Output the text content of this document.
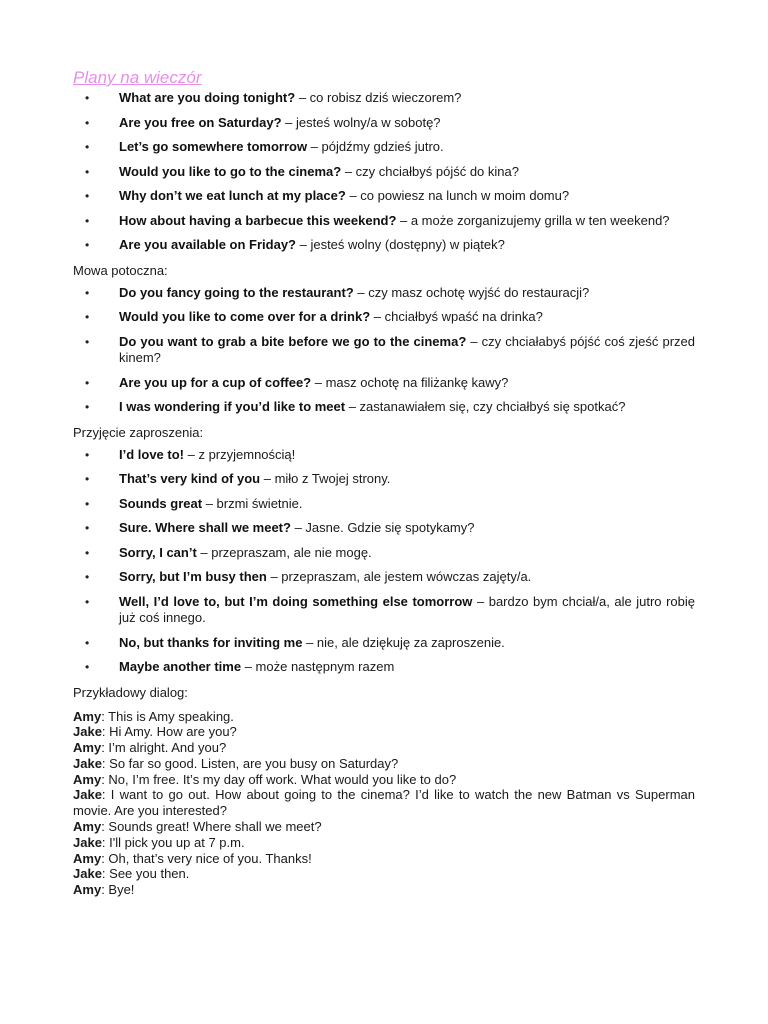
Plany na wieczór
• What are you doing tonight? – co robisz dziś wieczorem?
• Are you free on Saturday? – jesteś wolny/a w sobotę?
• Let’s go somewhere tomorrow – pójdźmy gdzieś jutro.
• Would you like to go to the cinema? – czy chciałbyś pójść do kina?
• Why don’t we eat lunch at my place? – co powiesz na lunch w moim domu?
• How about having a barbecue this weekend? – a może zorganizujemy grilla w ten weekend?
• Are you available on Friday? – jesteś wolny (dostępny) w piątek?
Mowa potoczna:
• Do you fancy going to the restaurant? – czy masz ochotę wyjść do restauracji?
• Would you like to come over for a drink? – chciałbyś wpaść na drinka?
• Do you want to grab a bite before we go to the cinema? – czy chciałabyś pójść coś zjeść przed kinem?
• Are you up for a cup of coffee? – masz ochotę na filiżankę kawy?
• I was wondering if you’d like to meet – zastanawiałem się, czy chciałbyś się spotkać?
Przyjęcie zaproszenia:
• I’d love to! – z przyjemnością!
• That’s very kind of you – miło z Twojej strony.
• Sounds great – brzmi świetnie.
• Sure. Where shall we meet? – Jasne. Gdzie się spotykamy?
• Sorry, I can’t – przepraszam, ale nie mogę.
• Sorry, but I’m busy then – przepraszam, ale jestem wówczas zajęty/a.
• Well, I’d love to, but I’m doing something else tomorrow – bardzo bym chciał/a, ale jutro robię już coś innego.
• No, but thanks for inviting me – nie, ale dziękuję za zaproszenie.
• Maybe another time – może następnym razem
Przykładowy dialog:
Amy: This is Amy speaking.
Jake: Hi Amy. How are you?
Amy: I’m alright. And you?
Jake: So far so good. Listen, are you busy on Saturday?
Amy: No, I’m free. It’s my day off work. What would you like to do?
Jake: I want to go out. How about going to the cinema? I’d like to watch the new Batman vs Superman movie. Are you interested?
Amy: Sounds great! Where shall we meet?
Jake: I'll pick you up at 7 p.m.
Amy: Oh, that’s very nice of you. Thanks!
Jake: See you then.
Amy: Bye!
